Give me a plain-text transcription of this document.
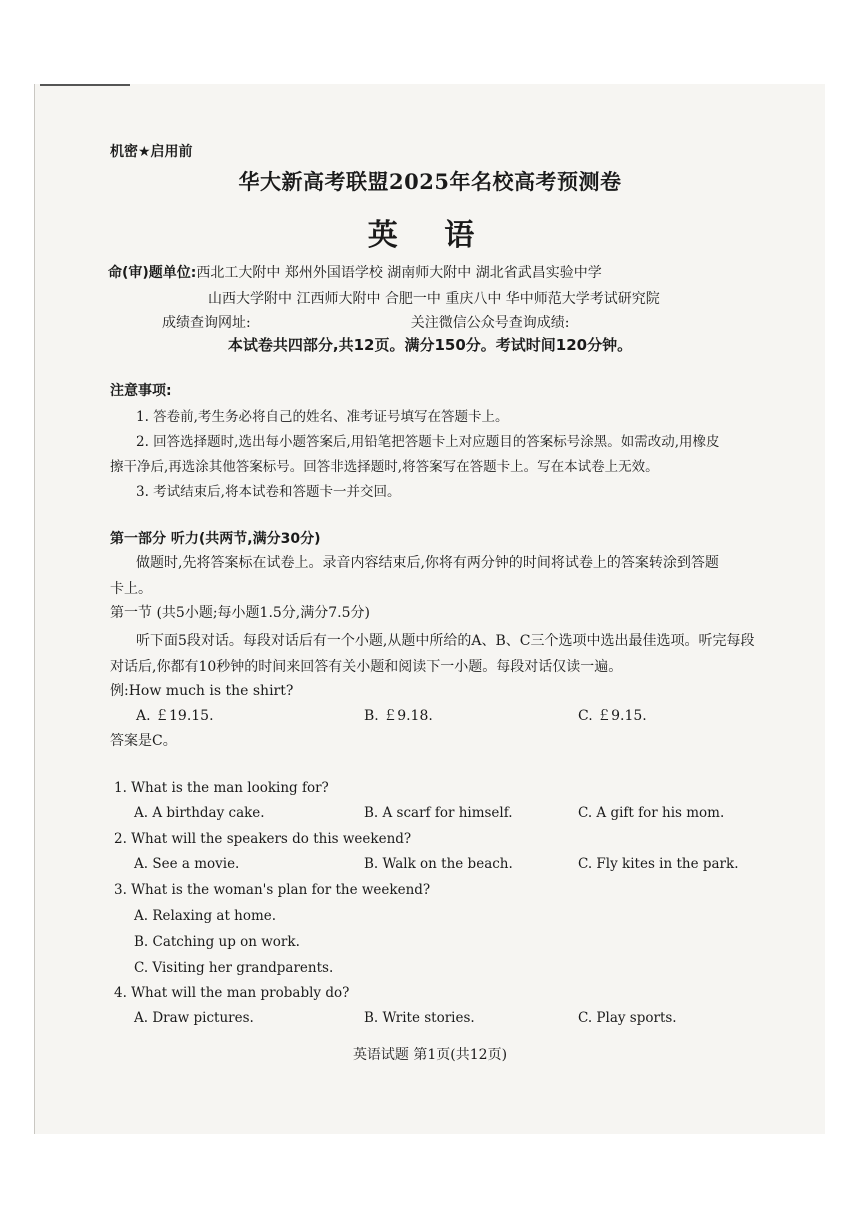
机密★启用前
华大新高考联盟2025年名校高考预测卷
英 语
命(审)题单位:西北工大附中 郑州外国语学校 湖南师大附中 湖北省武昌实验中学
山西大学附中 江西师大附中 合肥一中 重庆八中 华中师范大学考试研究院
成绩查询网址:	关注微信公众号查询成绩:
本试卷共四部分,共12页。满分150分。考试时间120分钟。
注意事项:
1. 答卷前,考生务必将自己的姓名、准考证号填写在答题卡上。
2. 回答选择题时,选出每小题答案后,用铅笔把答题卡上对应题目的答案标号涂黑。如需改动,用橡皮
擦干净后,再选涂其他答案标号。回答非选择题时,将答案写在答题卡上。写在本试卷上无效。
3. 考试结束后,将本试卷和答题卡一并交回。
第一部分 听力(共两节,满分30分)
做题时,先将答案标在试卷上。录音内容结束后,你将有两分钟的时间将试卷上的答案转涂到答题
卡上。
第一节 (共5小题;每小题1.5分,满分7.5分)
听下面5段对话。每段对话后有一个小题,从题中所给的A、B、C三个选项中选出最佳选项。听完每段
对话后,你都有10秒钟的时间来回答有关小题和阅读下一小题。每段对话仅读一遍。
例:How much is the shirt?
A. ￡19.15.	B. ￡9.18.	C. ￡9.15.
答案是C。
1. What is the man looking for?
A. A birthday cake.	B. A scarf for himself.	C. A gift for his mom.
2. What will the speakers do this weekend?
A. See a movie.	B. Walk on the beach.	C. Fly kites in the park.
3. What is the woman's plan for the weekend?
A. Relaxing at home.
B. Catching up on work.
C. Visiting her grandparents.
4. What will the man probably do?
A. Draw pictures.	B. Write stories.	C. Play sports.
英语试题 第1页(共12页)
